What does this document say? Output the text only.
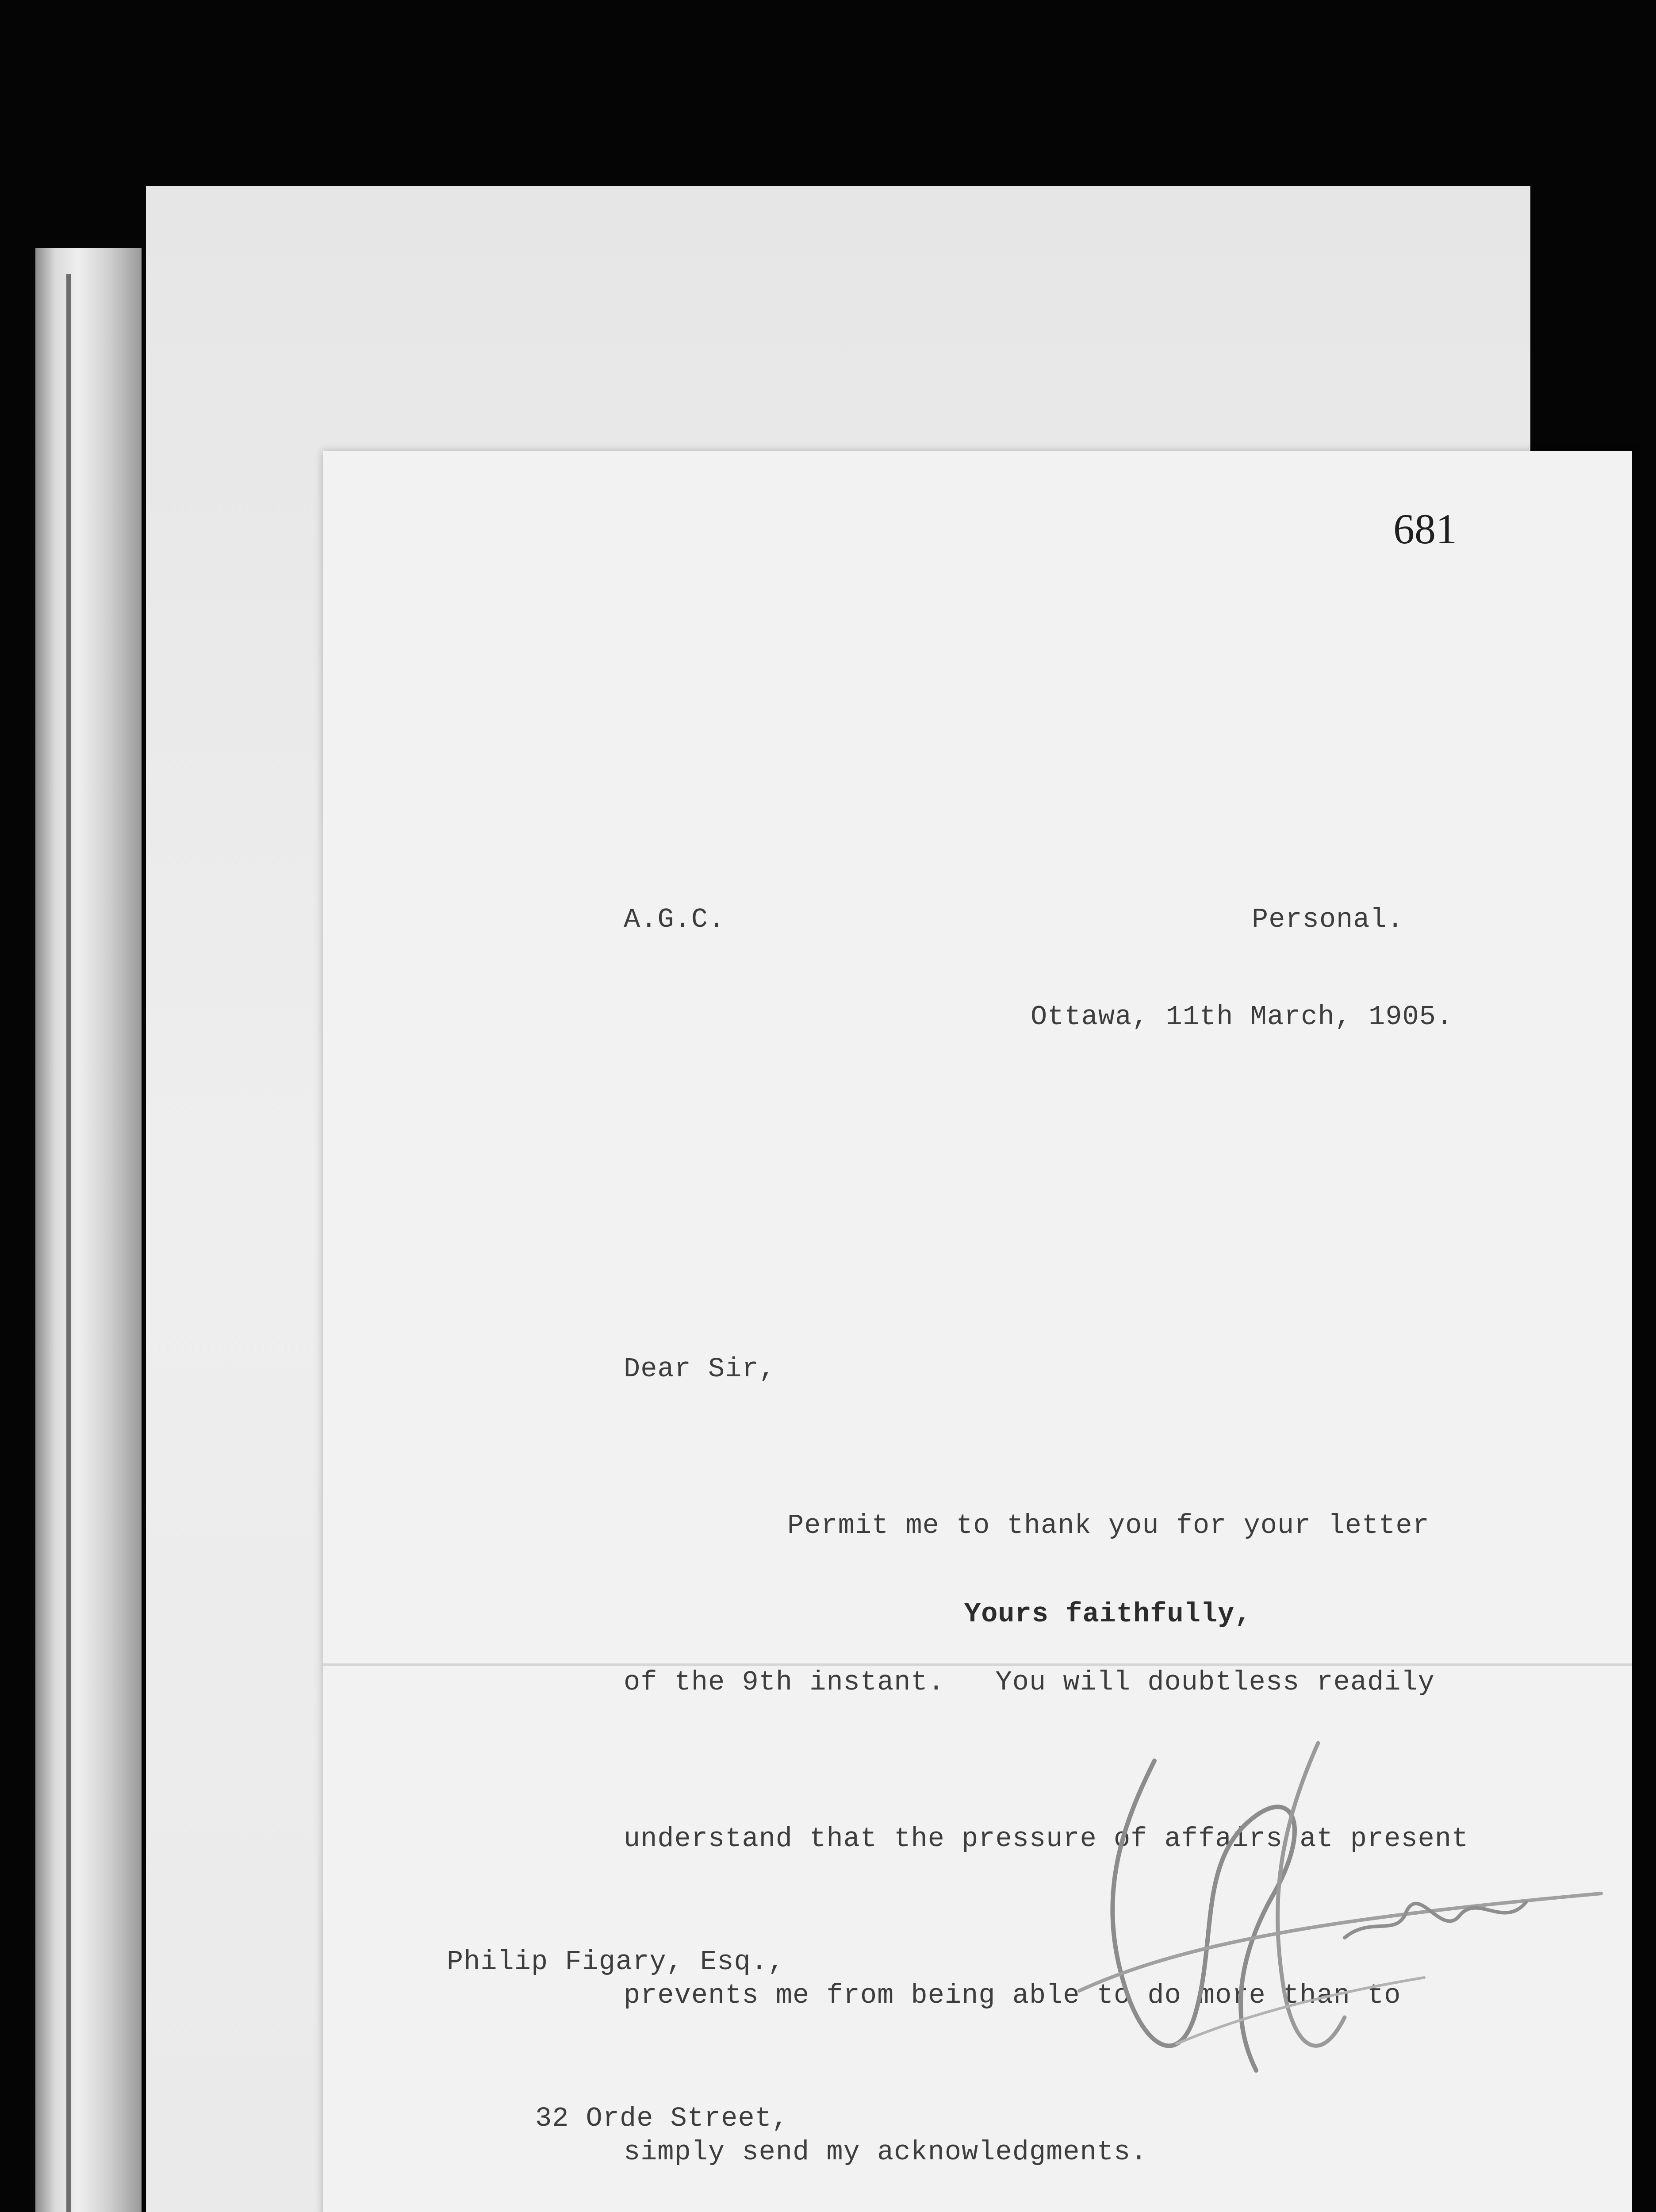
681
A.G.C.	Personal.
Ottawa, 11th March, 1905.

Dear Sir,

Permit me to thank you for your letter

of the 9th instant.   You will doubtless readily

understand that the pressure of affairs at present

prevents me from being able to do more than to

simply send my acknowledgments.

Yours faithfully,

Philip Figary, Esq.,

32 Orde Street,
